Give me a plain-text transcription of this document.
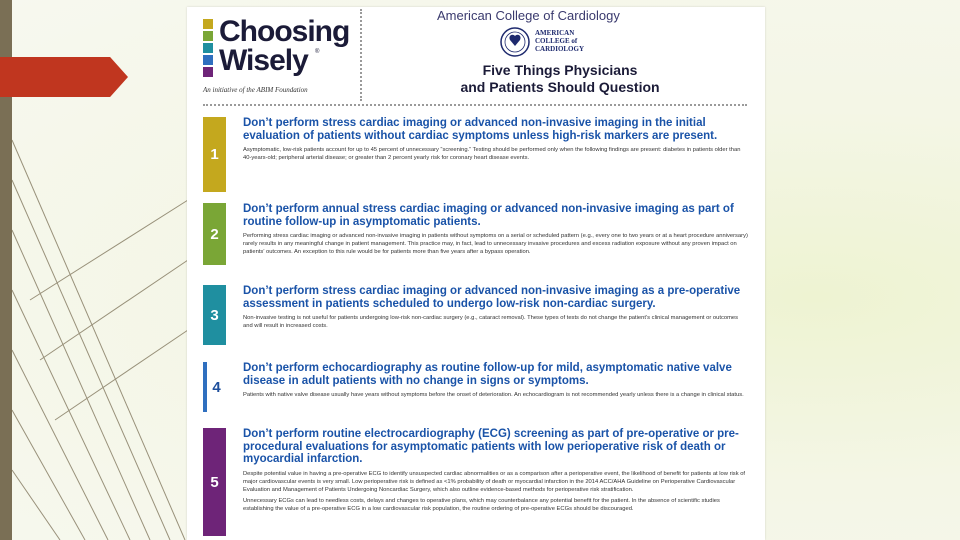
Choosing
Wisely ®
An initiative of the ABIM Foundation
American College of Cardiology
AMERICAN
COLLEGE of
CARDIOLOGY
Five Things Physicians
and Patients Should Question
1
Don’t perform stress cardiac imaging or advanced non-invasive imaging in the initial evaluation of patients without cardiac symptoms unless high-risk markers are present.
Asymptomatic, low-risk patients account for up to 45 percent of unnecessary “screening.” Testing should be performed only when the following findings are present: diabetes in patients older than 40-years-old; peripheral arterial disease; or greater than 2 percent yearly risk for coronary heart disease events.
2
Don’t perform annual stress cardiac imaging or advanced non-invasive imaging as part of routine follow-up in asymptomatic patients.
Performing stress cardiac imaging or advanced non-invasive imaging in patients without symptoms on a serial or scheduled pattern (e.g., every one to two years or at a heart procedure anniversary) rarely results in any meaningful change in patient management. This practice may, in fact, lead to unnecessary invasive procedures and excess radiation exposure without any proven impact on patients’ outcomes. An exception to this rule would be for patients more than five years after a bypass operation.
3
Don’t perform stress cardiac imaging or advanced non-invasive imaging as a pre-operative assessment in patients scheduled to undergo low-risk non-cardiac surgery.
Non-invasive testing is not useful for patients undergoing low-risk non-cardiac surgery (e.g., cataract removal). These types of tests do not change the patient’s clinical management or outcomes and will result in increased costs.
4
Don’t perform echocardiography as routine follow-up for mild, asymptomatic native valve disease in adult patients with no change in signs or symptoms.
Patients with native valve disease usually have years without symptoms before the onset of deterioration. An echocardiogram is not recommended yearly unless there is a change in clinical status.
5
Don’t perform routine electrocardiography (ECG) screening as part of pre-operative or pre-procedural evaluations for asymptomatic patients with low perioperative risk of death or myocardial infarction.
Despite potential value in having a pre-operative ECG to identify unsuspected cardiac abnormalities or as a comparison after a perioperative event, the likelihood of benefit for patients at low risk of major cardiovascular events is very small. Low perioperative risk is defined as <1% probability of death or myocardial infarction in the 2014 ACC/AHA Guideline on Perioperative Cardiovascular Evaluation and Management of Patients Undergoing Noncardiac Surgery, which also outline evidence-based methods for perioperative risk stratification.
Unnecessary ECGs can lead to needless costs, delays and changes to operative plans, which may counterbalance any potential benefit for the patient. In the absence of scientific studies establishing the value of a pre-operative ECG in a low cardiovascular risk population, the routine ordering of pre-operative ECGs should be discouraged.
